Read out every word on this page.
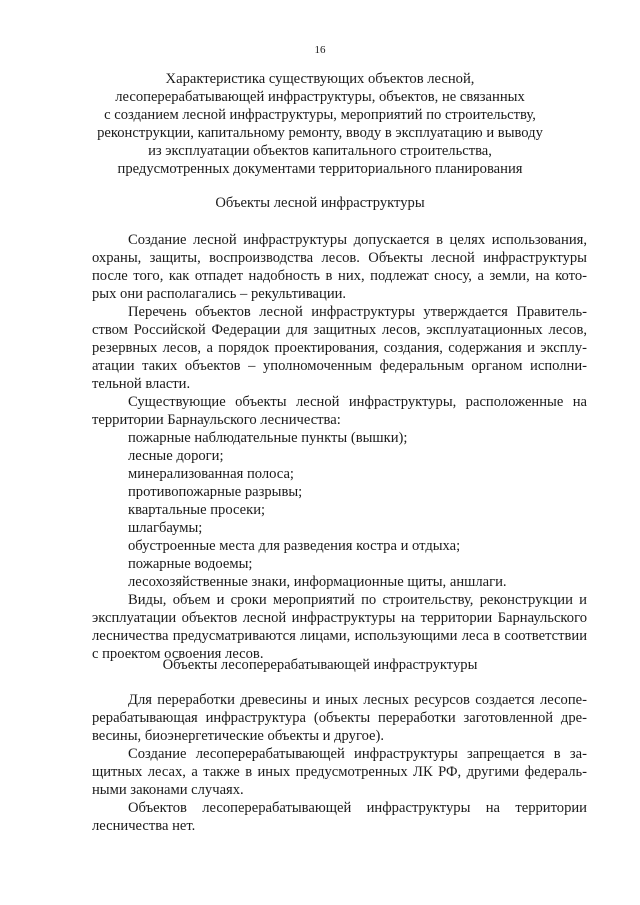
16
Характеристика существующих объектов лесной,
лесоперерабатывающей инфраструктуры, объектов, не связанных
с созданием лесной инфраструктуры, мероприятий по строительству,
реконструкции, капитальному ремонту, вводу в эксплуатацию и выводу
из эксплуатации объектов капитального строительства,
предусмотренных документами территориального планирования
Объекты лесной инфраструктуры
Создание лесной инфраструктуры допускается в целях использования,
охраны, защиты, воспроизводства лесов. Объекты лесной инфраструктуры
после того, как отпадет надобность в них, подлежат сносу, а земли, на кото-
рых они располагались – рекультивации.
Перечень объектов лесной инфраструктуры утверждается Правитель-
ством Российской Федерации для защитных лесов, эксплуатационных лесов,
резервных лесов, а порядок проектирования, создания, содержания и эксплу-
атации таких объектов – уполномоченным федеральным органом исполни-
тельной власти.
Существующие объекты лесной инфраструктуры, расположенные на
территории Барнаульского лесничества:
пожарные наблюдательные пункты (вышки);
лесные дороги;
минерализованная полоса;
противопожарные разрывы;
квартальные просеки;
шлагбаумы;
обустроенные места для разведения костра и отдыха;
пожарные водоемы;
лесохозяйственные знаки, информационные щиты, аншлаги.
Виды, объем и сроки мероприятий по строительству, реконструкции и
эксплуатации объектов лесной инфраструктуры на территории Барнаульского
лесничества предусматриваются лицами, использующими леса в соответствии
с проектом освоения лесов.
Объекты лесоперерабатывающей инфраструктуры
Для переработки древесины и иных лесных ресурсов создается лесопе-
рерабатывающая инфраструктура (объекты переработки заготовленной дре-
весины, биоэнергетические объекты и другое).
Создание лесоперерабатывающей инфраструктуры запрещается в за-
щитных лесах, а также в иных предусмотренных ЛК РФ, другими федераль-
ными законами случаях.
Объектов лесоперерабатывающей инфраструктуры на территории
лесничества нет.
